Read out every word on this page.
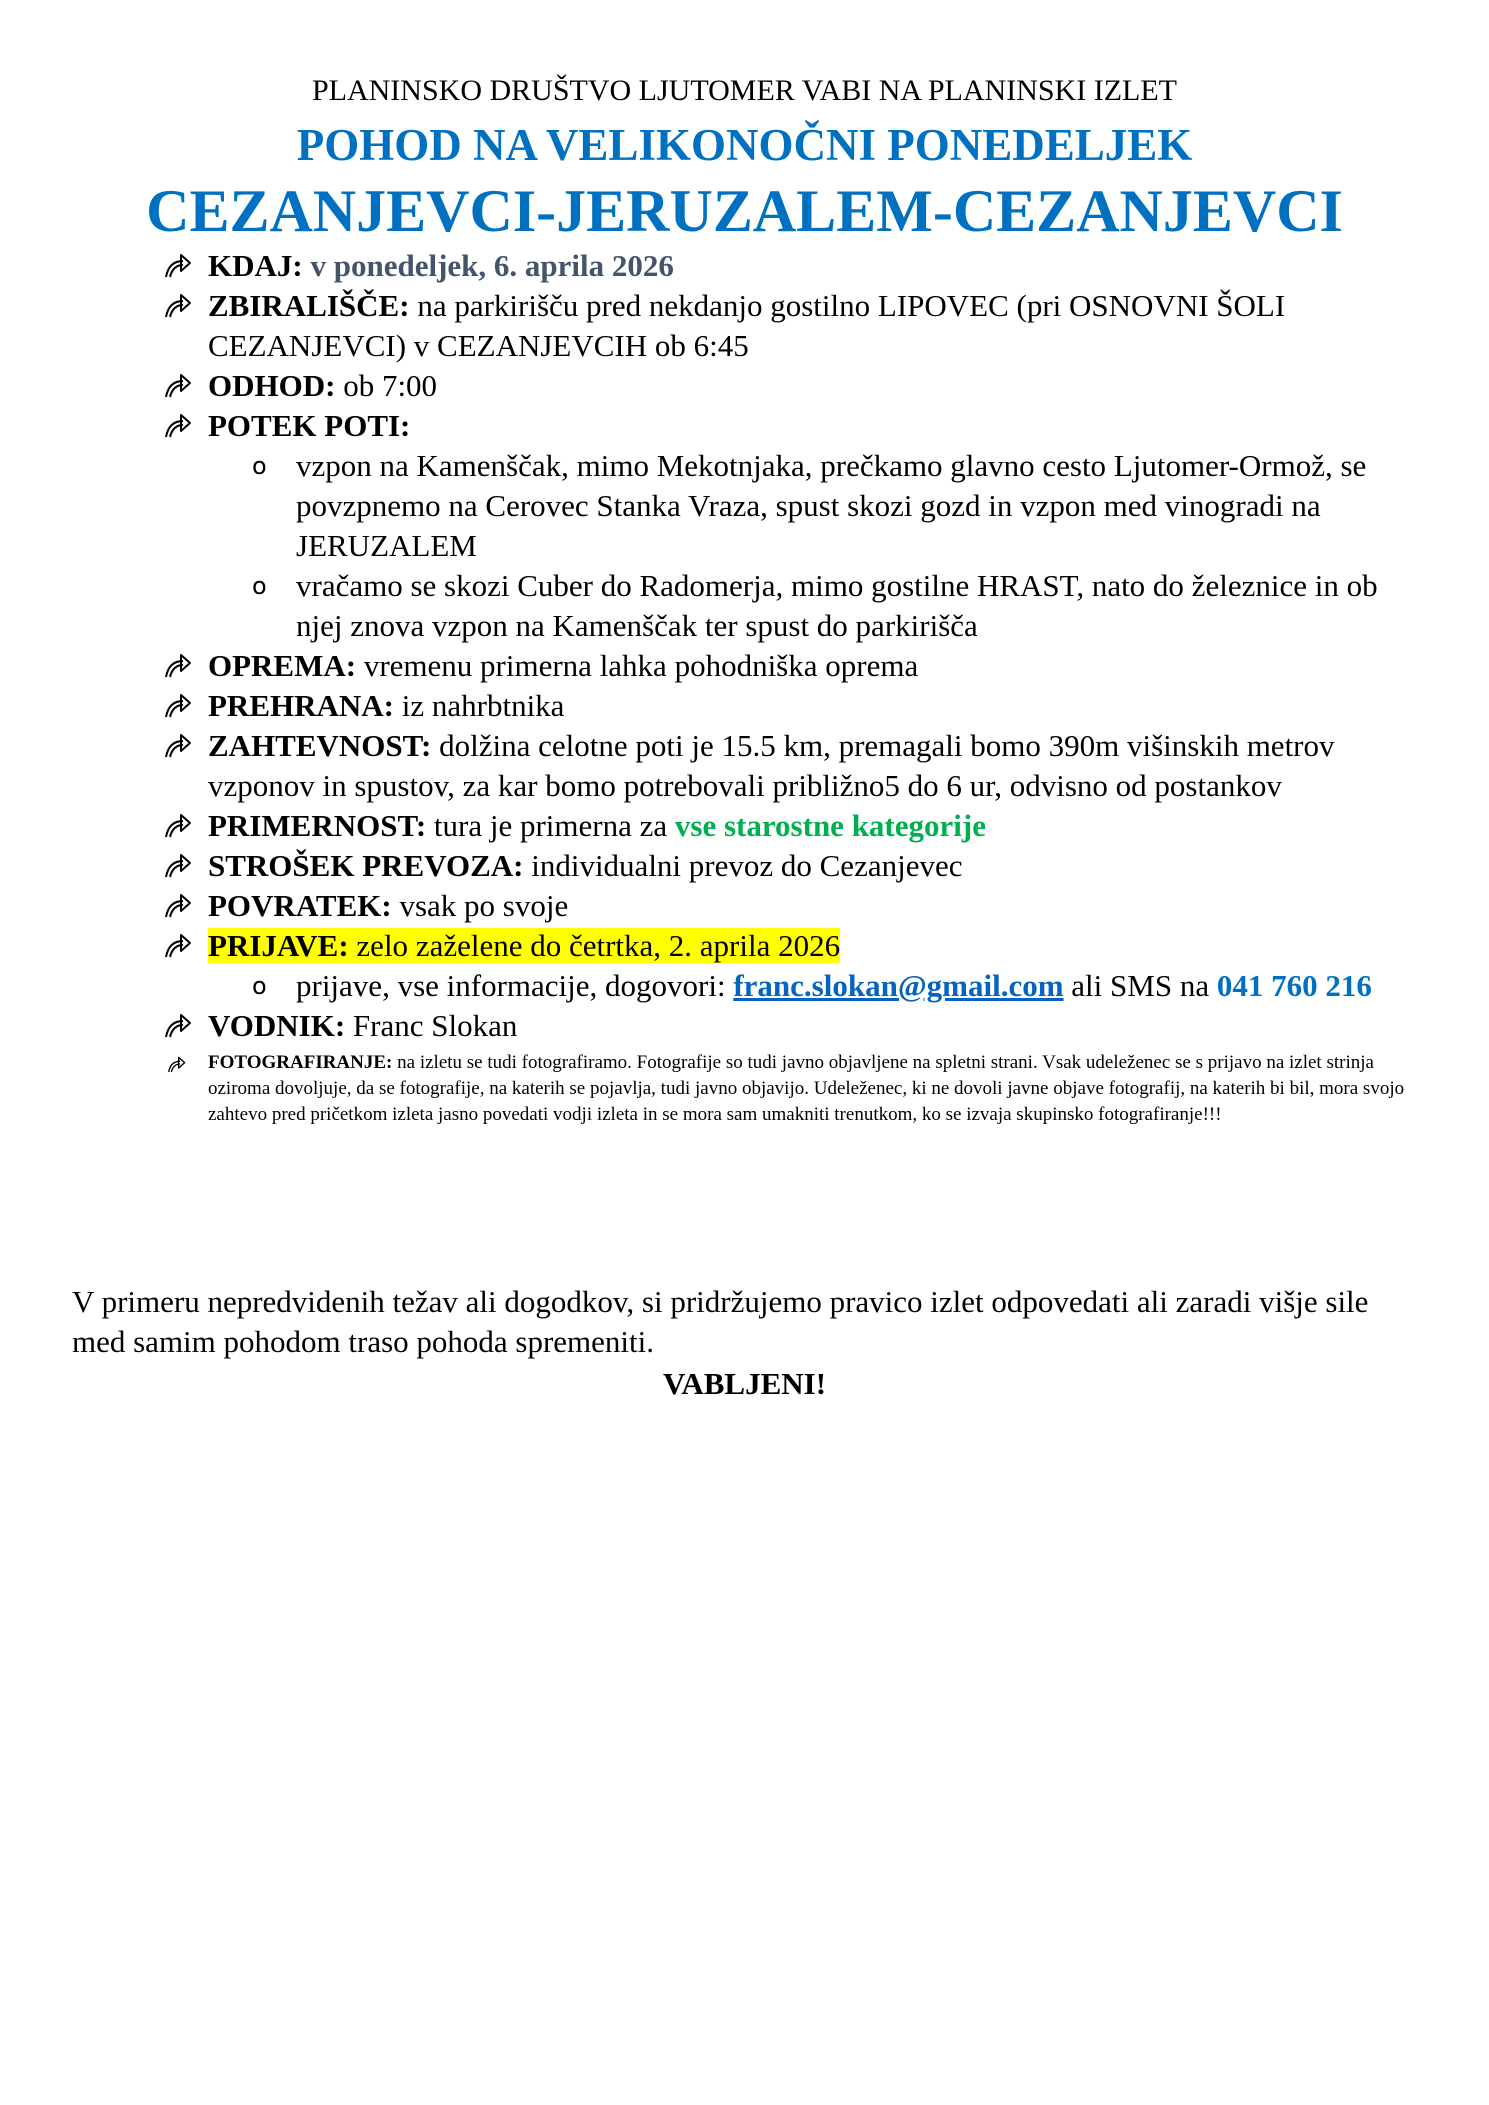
PLANINSKO DRUŠTVO LJUTOMER VABI NA PLANINSKI IZLET
POHOD NA VELIKONOČNI PONEDELJEK
CEZANJEVCI-JERUZALEM-CEZANJEVCI
KDAJ: v ponedeljek, 6. aprila 2026
ZBIRALIŠČE: na parkirišču pred nekdanjo gostilno LIPOVEC (pri OSNOVNI ŠOLI CEZANJEVCI) v CEZANJEVCIH ob 6:45
ODHOD: ob 7:00
POTEK POTI:
o vzpon na Kamenščak, mimo Mekotnjaka, prečkamo glavno cesto Ljutomer-Ormož, se povzpnemo na Cerovec Stanka Vraza, spust skozi gozd in vzpon med vinogradi na JERUZALEM
o vračamo se skozi Cuber do Radomerja, mimo gostilne HRAST, nato do železnice in ob njej znova vzpon na Kamenščak ter spust do parkirišča
OPREMA: vremenu primerna lahka pohodniška oprema
PREHRANA: iz nahrbtnika
ZAHTEVNOST: dolžina celotne poti je 15.5 km, premagali bomo 390m višinskih metrov vzponov in spustov, za kar bomo potrebovali približno5 do 6 ur, odvisno od postankov
PRIMERNOST: tura je primerna za vse starostne kategorije
STROŠEK PREVOZA: individualni prevoz do Cezanjevec
POVRATEK: vsak po svoje
PRIJAVE: zelo zaželene do četrtka, 2. aprila 2026
o prijave, vse informacije, dogovori: franc.slokan@gmail.com ali SMS na 041 760 216
VODNIK: Franc Slokan
FOTOGRAFIRANJE: na izletu se tudi fotografiramo. Fotografije so tudi javno objavljene na spletni strani. Vsak udeleženec se s prijavo na izlet strinja oziroma dovoljuje, da se fotografije, na katerih se pojavlja, tudi javno objavijo. Udeleženec, ki ne dovoli javne objave fotografij, na katerih bi bil, mora svojo zahtevo pred pričetkom izleta jasno povedati vodji izleta in se mora sam umakniti trenutkom, ko se izvaja skupinsko fotografiranje!!!
V primeru nepredvidenih težav ali dogodkov, si pridržujemo pravico izlet odpovedati ali zaradi višje sile med samim pohodom traso pohoda spremeniti.
VABLJENI!
